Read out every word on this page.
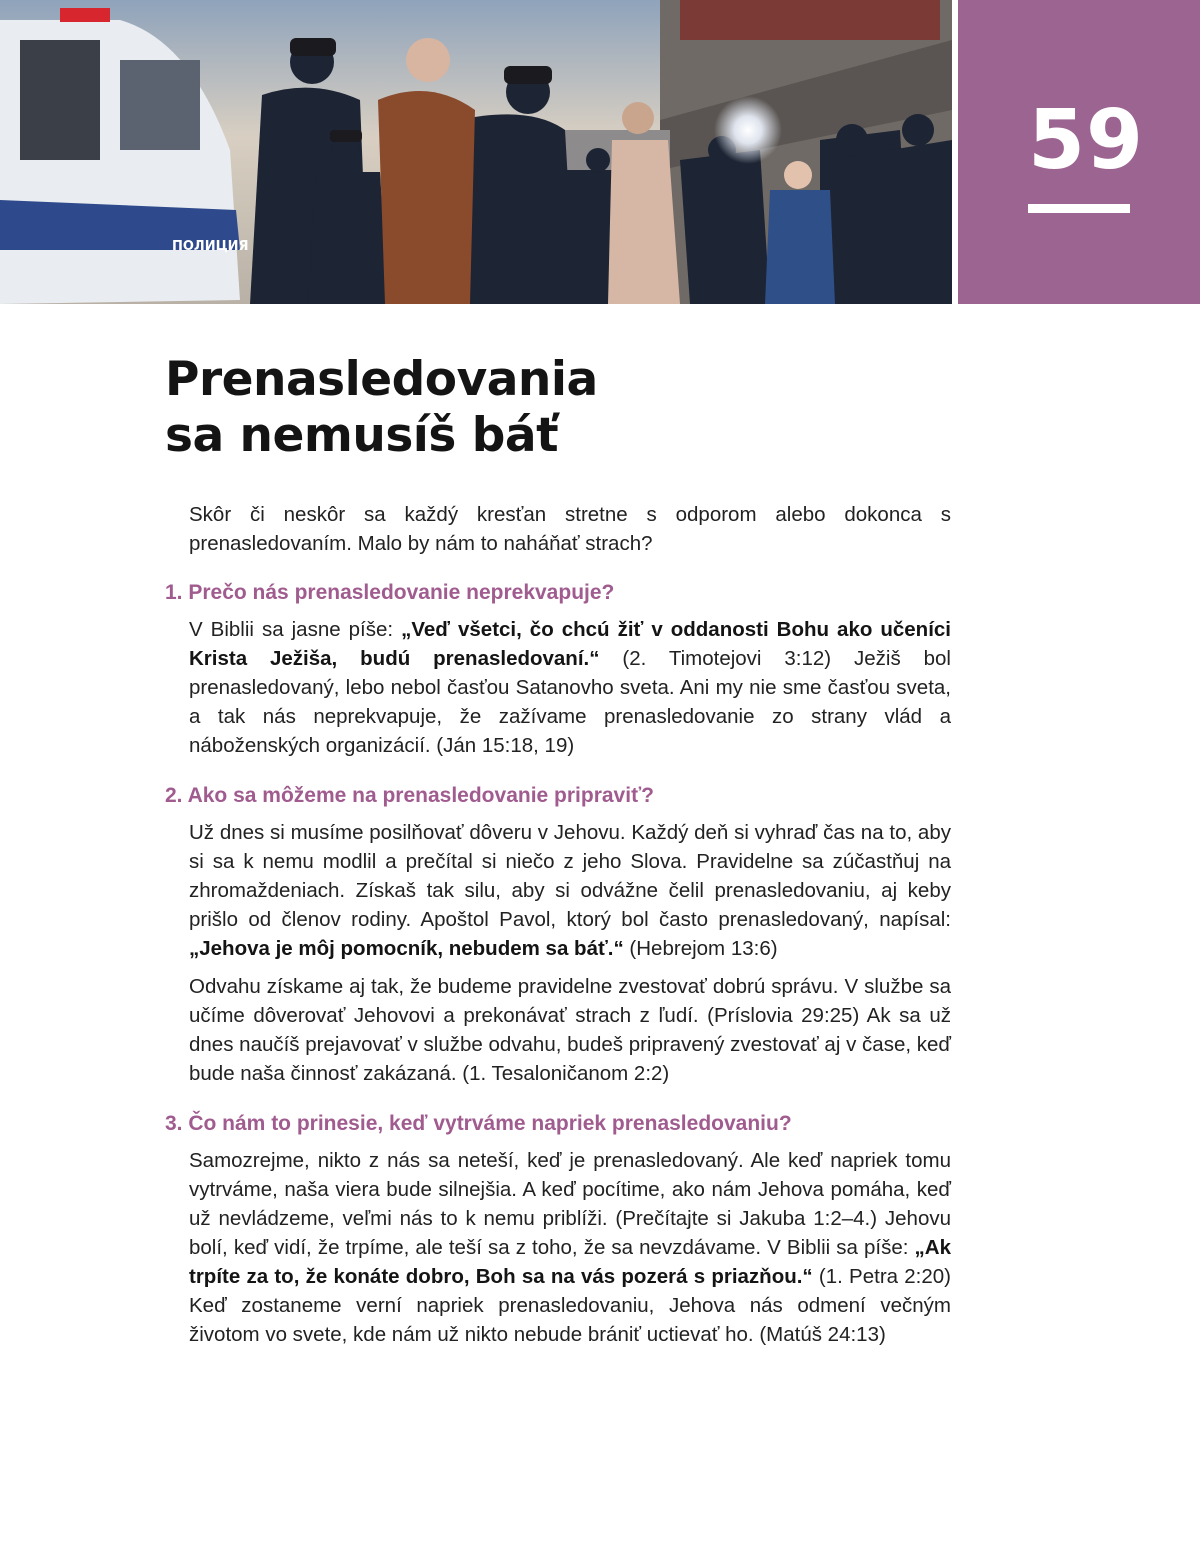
ПОЛИЦИЯ
59
Prenasledovania
sa nemusíš báť

Skôr či neskôr sa každý kresťan stretne s odporom alebo dokonca s prenasledovaním. Malo by nám to naháňať strach?

1. Prečo nás prenasledovanie neprekvapuje?

V Biblii sa jasne píše: „Veď všetci, čo chcú žiť v oddanosti Bohu ako učeníci Krista Ježiša, budú prenasledovaní.“ (2. Timotejovi 3:12) Ježiš bol prenasledovaný, lebo nebol časťou Satanovho sveta. Ani my nie sme časťou sveta, a tak nás neprekvapuje, že zažívame prenasledovanie zo strany vlád a náboženských organizácií. (Ján 15:18, 19)

2. Ako sa môžeme na prenasledovanie pripraviť?

Už dnes si musíme posilňovať dôveru v Jehovu. Každý deň si vyhraď čas na to, aby si sa k nemu modlil a prečítal si niečo z jeho Slova. Pravidelne sa zúčastňuj na zhromaždeniach. Získaš tak silu, aby si odvážne čelil prenasledovaniu, aj keby prišlo od členov rodiny. Apoštol Pavol, ktorý bol často prenasledovaný, napísal: „Jehova je môj pomocník, nebudem sa báť.“ (Hebrejom 13:6)

Odvahu získame aj tak, že budeme pravidelne zvestovať dobrú správu. V službe sa učíme dôverovať Jehovovi a prekonávať strach z ľudí. (Príslovia 29:25) Ak sa už dnes naučíš prejavovať v službe odvahu, budeš pripravený zvestovať aj v čase, keď bude naša činnosť zakázaná. (1. Tesaloničanom 2:2)

3. Čo nám to prinesie, keď vytrváme napriek prenasledovaniu?

Samozrejme, nikto z nás sa neteší, keď je prenasledovaný. Ale keď napriek tomu vytrváme, naša viera bude silnejšia. A keď pocítime, ako nám Jehova pomáha, keď už nevládzeme, veľmi nás to k nemu priblíži. (Prečítajte si Jakuba 1:2–4.) Jehovu bolí, keď vidí, že trpíme, ale teší sa z toho, že sa nevzdávame. V Biblii sa píše: „Ak trpíte za to, že konáte dobro, Boh sa na vás pozerá s priazňou.“ (1. Petra 2:20) Keď zostaneme verní napriek prenasledovaniu, Jehova nás odmení večným životom vo svete, kde nám už nikto nebude brániť uctievať ho. (Matúš 24:13)
